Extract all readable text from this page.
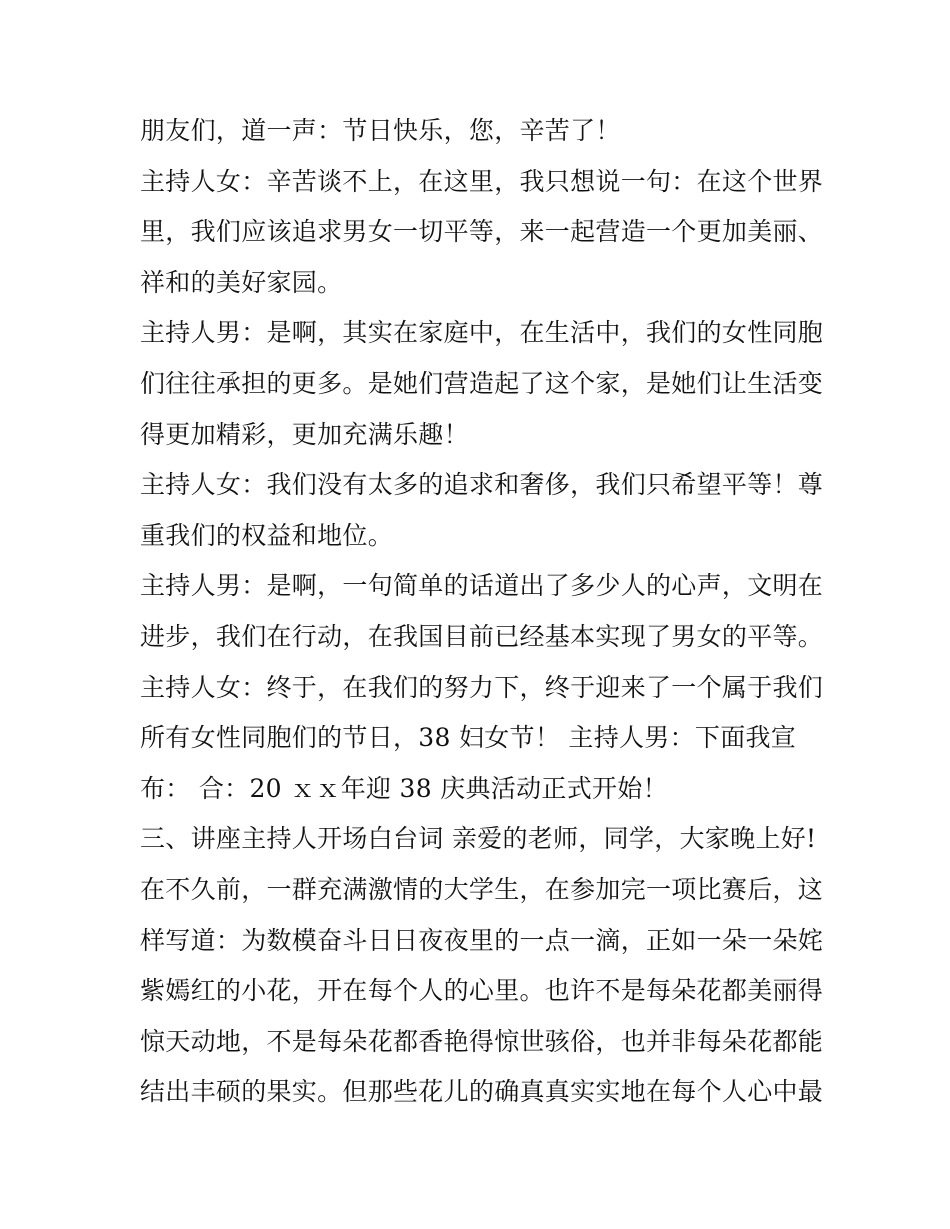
朋友们，道一声：节日快乐，您，辛苦了！
主持人女：辛苦谈不上，在这里，我只想说一句：在这个世界
里，我们应该追求男女一切平等，来一起营造一个更加美丽、
祥和的美好家园。
主持人男：是啊，其实在家庭中，在生活中，我们的女性同胞
们往往承担的更多。是她们营造起了这个家，是她们让生活变
得更加精彩，更加充满乐趣！
主持人女：我们没有太多的追求和奢侈，我们只希望平等！尊
重我们的权益和地位。
主持人男：是啊，一句简单的话道出了多少人的心声，文明在
进步，我们在行动，在我国目前已经基本实现了男女的平等。
主持人女：终于，在我们的努力下，终于迎来了一个属于我们
所有女性同胞们的节日，38 妇女节！ 主持人男：下面我宣
布： 合：20 ｘｘ年迎 38 庆典活动正式开始！
三、讲座主持人开场白台词 亲爱的老师，同学，大家晚上好!
在不久前，一群充满激情的大学生，在参加完一项比赛后，这
样写道：为数模奋斗日日夜夜里的一点一滴，正如一朵一朵姹
紫嫣红的小花，开在每个人的心里。也许不是每朵花都美丽得
惊天动地，不是每朵花都香艳得惊世骇俗，也并非每朵花都能
结出丰硕的果实。但那些花儿的确真真实实地在每个人心中最
